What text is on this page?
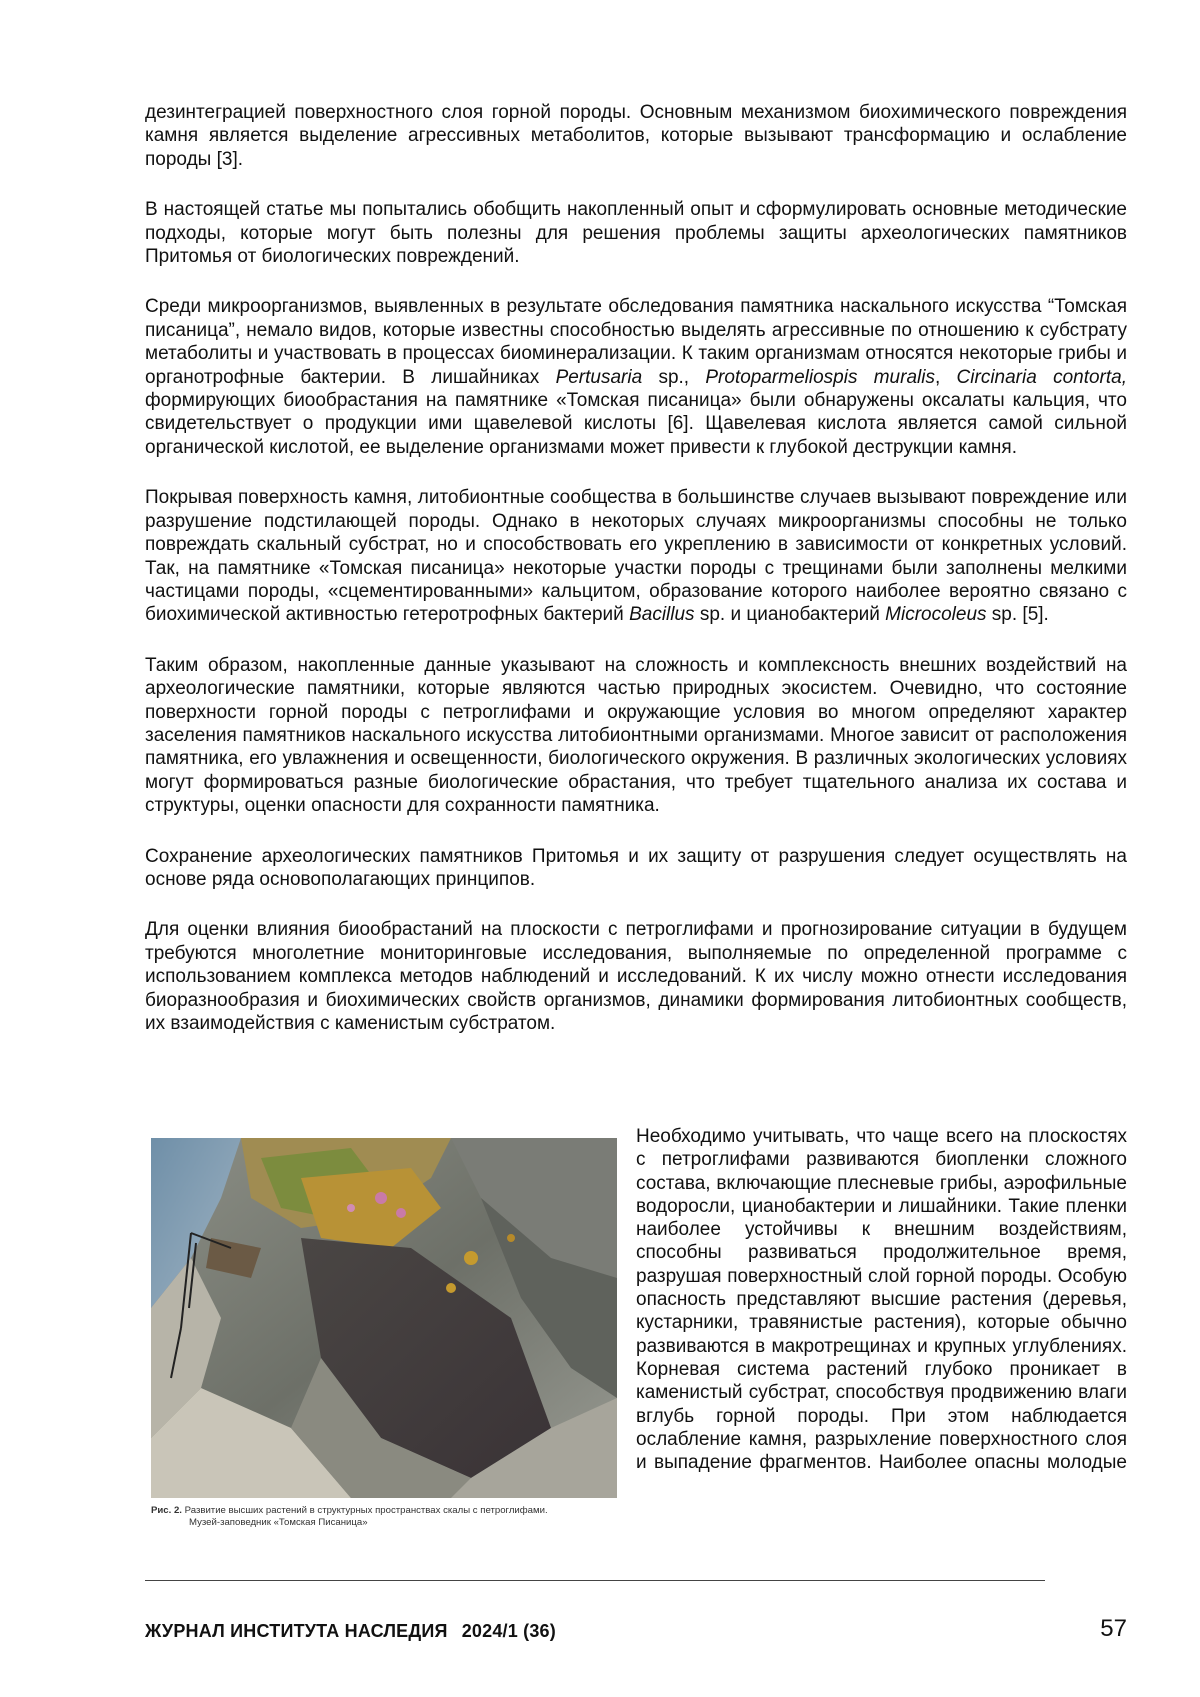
дезинтеграцией поверхностного слоя горной породы. Основным механизмом биохимического повреждения камня является выделение агрессивных метаболитов, которые вызывают трансформацию и ослабление породы [3].

В настоящей статье мы попытались обобщить накопленный опыт и сформулировать основные методические подходы, которые могут быть полезны для решения проблемы защиты археологических памятников Притомья от биологических повреждений.

Среди микроорганизмов, выявленных в результате обследования памятника наскального искусства “Томская писаница”, немало видов, которые известны способностью выделять агрессивные по отношению к субстрату метаболиты и участвовать в процессах биоминерализации. К таким организмам относятся некоторые грибы и органотрофные бактерии. В лишайниках Pertusaria sp., Protoparmeliospis muralis, Circinaria contorta, формирующих биообрастания на памятнике «Томская писаница» были обнаружены оксалаты кальция, что свидетельствует о продукции ими щавелевой кислоты [6]. Щавелевая кислота является самой сильной органической кислотой, ее выделение организмами может привести к глубокой деструкции камня.

Покрывая поверхность камня, литобионтные сообщества в большинстве случаев вызывают повреждение или разрушение подстилающей породы. Однако в некоторых случаях микроорганизмы способны не только повреждать скальный субстрат, но и способствовать его укреплению в зависимости от конкретных условий. Так, на памятнике «Томская писаница» некоторые участки породы с трещинами были заполнены мелкими частицами породы, «сцементированными» кальцитом, образование которого наиболее вероятно связано с биохимической активностью гетеротрофных бактерий Bacillus sp. и цианобактерий Microcoleus sp. [5].

Таким образом, накопленные данные указывают на сложность и комплексность внешних воздействий на археологические памятники, которые являются частью природных экосистем. Очевидно, что состояние поверхности горной породы с петроглифами и окружающие условия во многом определяют характер заселения памятников наскального искусства литобионтными организмами. Многое зависит от расположения памятника, его увлажнения и освещенности, биологического окружения. В различных экологических условиях могут формироваться разные биологические обрастания, что требует тщательного анализа их состава и структуры, оценки опасности для сохранности памятника.

Сохранение археологических памятников Притомья и их защиту от разрушения следует осуществлять на основе ряда основополагающих принципов.

Для оценки влияния биообрастаний на плоскости с петроглифами и прогнозирование ситуации в будущем требуются многолетние мониторинговые исследования, выполняемые по определенной программе с использованием комплекса методов наблюдений и исследований. К их числу можно отнести исследования биоразнообразия и биохимических свойств организмов, динамики формирования литобионтных сообществ, их взаимодействия с каменистым субстратом.

Рис. 2. Развитие высших растений в структурных пространствах скалы с петроглифами.
Музей-заповедник «Томская Писаница»

Необходимо учитывать, что чаще всего на плоскостях с петроглифами развиваются биопленки сложного состава, включающие плесневые грибы, аэрофильные водоросли, цианобактерии и лишайники. Такие пленки наиболее устойчивы к внешним воздействиям, способны развиваться продолжительное время, разрушая поверхностный слой горной породы. Особую опасность представляют высшие растения (деревья, кустарники, травянистые растения), которые обычно развиваются в макротрещинах и крупных углублениях. Корневая система растений глубоко проникает в каменистый субстрат, способствуя продвижению влаги вглубь горной породы. При этом наблюдается ослабление камня, разрыхление поверхностного слоя и выпадение фрагментов. Наиболее опасны молодые

ЖУРНАЛ ИНСТИТУТА НАСЛЕДИЯ 2024/1 (36)	57
